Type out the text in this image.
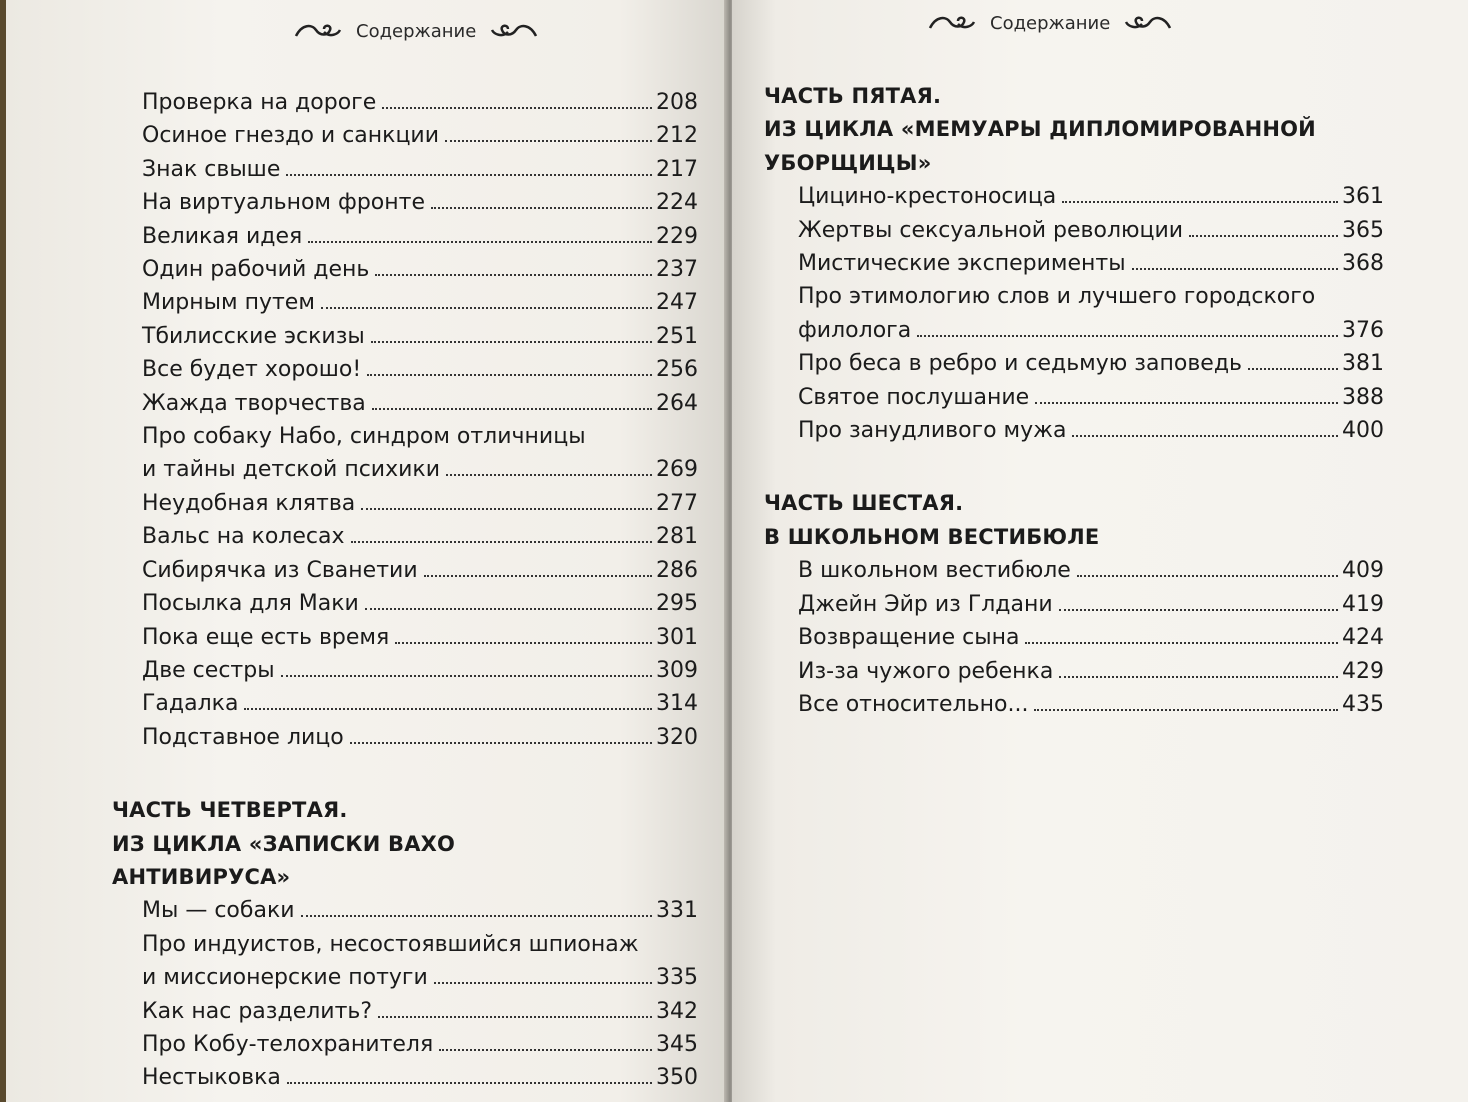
Содержание
Проверка на дороге	208
Осиное гнездо и санкции	212
Знак свыше	217
На виртуальном фронте	224
Великая идея	229
Один рабочий день	237
Мирным путем	247
Тбилисские эскизы	251
Все будет хорошо!	256
Жажда творчества	264
Про собаку Набо, синдром отличницы
и тайны детской психики	269
Неудобная клятва	277
Вальс на колесах	281
Сибирячка из Сванетии	286
Посылка для Маки	295
Пока еще есть время	301
Две сестры	309
Гадалка	314
Подставное лицо	320
ЧАСТЬ ЧЕТВЕРТАЯ.
ИЗ ЦИКЛА «ЗАПИСКИ ВАХО
АНТИВИРУСА»
Мы — собаки	331
Про индуистов, несостоявшийся шпионаж
и миссионерские потуги	335
Как нас разделить?	342
Про Кобу-телохранителя	345
Нестыковка	350
Содержание
ЧАСТЬ ПЯТАЯ.
ИЗ ЦИКЛА «МЕМУАРЫ ДИПЛОМИРОВАННОЙ
УБОРЩИЦЫ»
Цицино-крестоносица	361
Жертвы сексуальной революции	365
Мистические эксперименты	368
Про этимологию слов и лучшего городского
филолога	376
Про беса в ребро и седьмую заповедь	381
Святое послушание	388
Про занудливого мужа	400
ЧАСТЬ ШЕСТАЯ.
В ШКОЛЬНОМ ВЕСТИБЮЛЕ
В школьном вестибюле	409
Джейн Эйр из Глдани	419
Возвращение сына	424
Из-за чужого ребенка	429
Все относительно...	435
